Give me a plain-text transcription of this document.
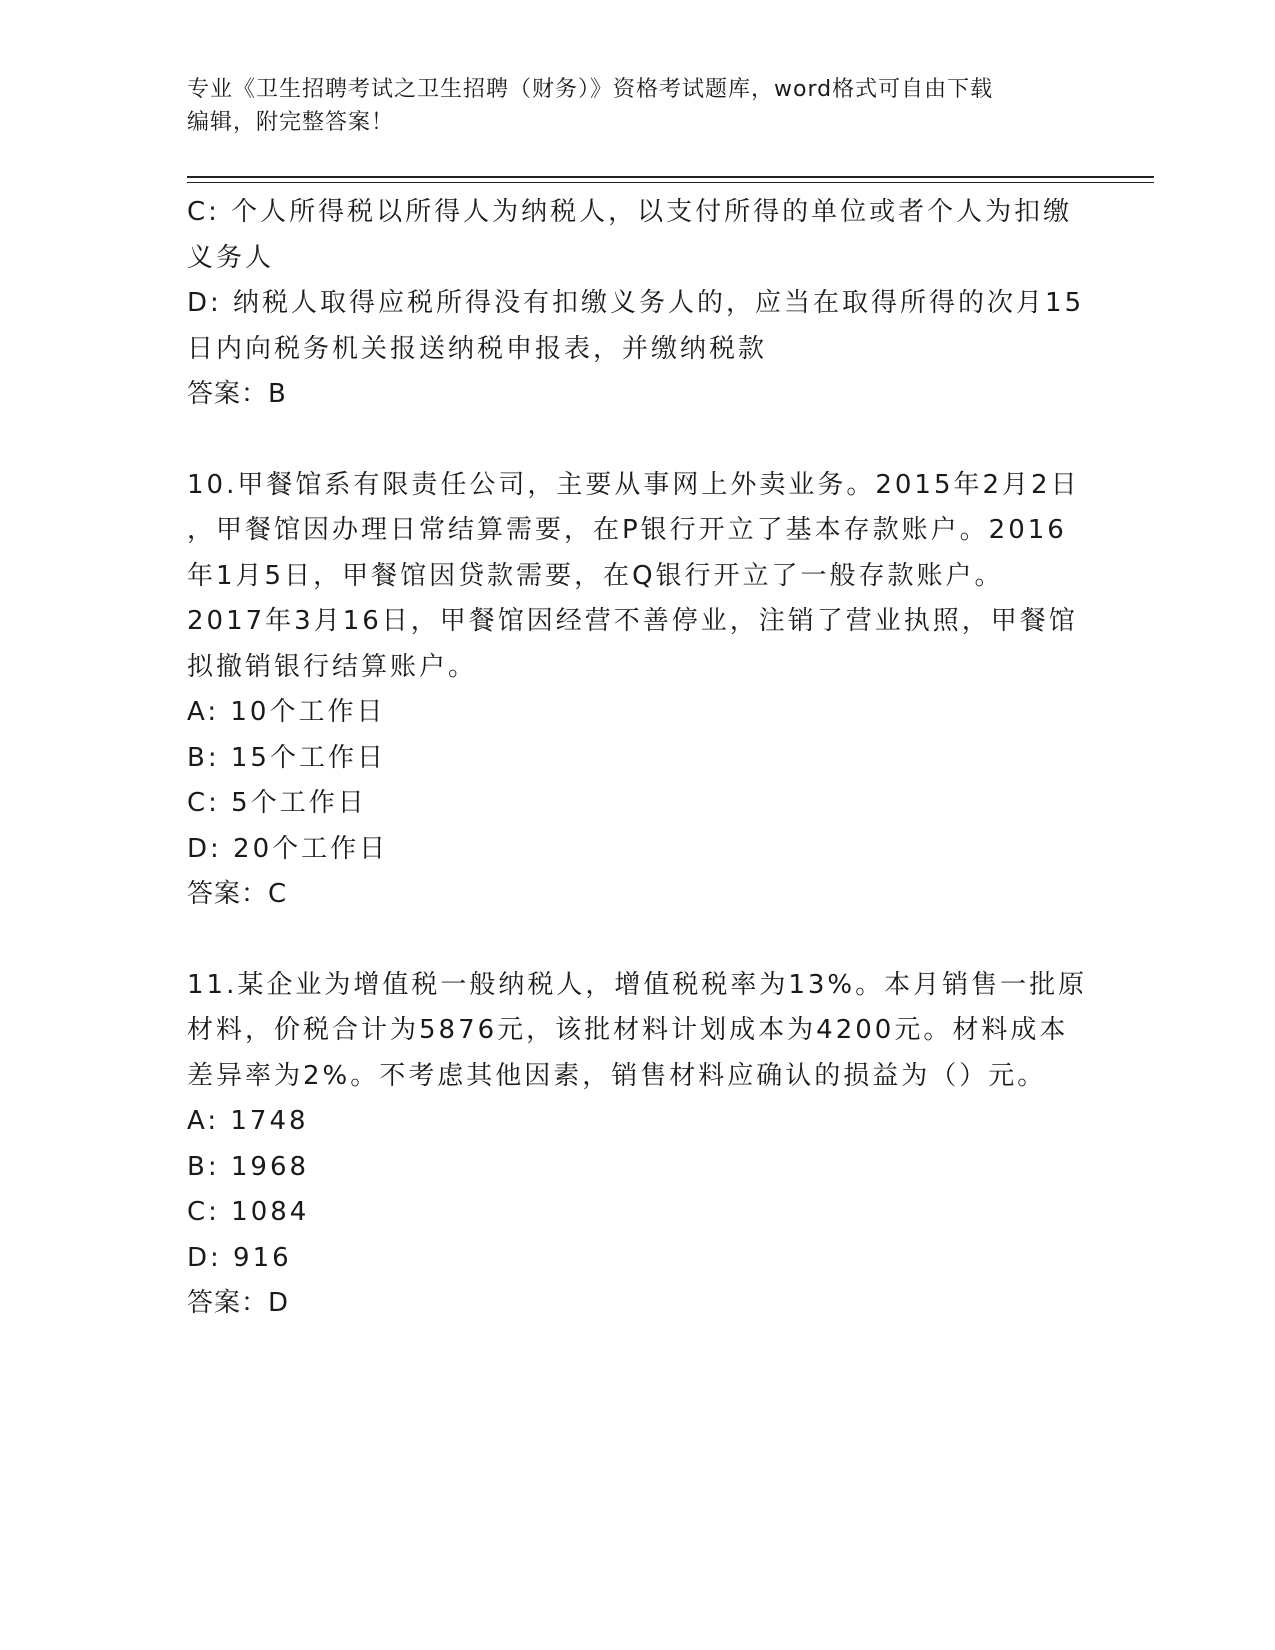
专业《卫生招聘考试之卫生招聘（财务）》资格考试题库，word格式可自由下载
编辑，附完整答案！
C: 个人所得税以所得人为纳税人，以支付所得的单位或者个人为扣缴
义务人
D: 纳税人取得应税所得没有扣缴义务人的，应当在取得所得的次月15
日内向税务机关报送纳税申报表，并缴纳税款
答案：B
10.甲餐馆系有限责任公司，主要从事网上外卖业务。2015年2月2日
，甲餐馆因办理日常结算需要，在P银行开立了基本存款账户。2016
年1月5日，甲餐馆因贷款需要，在Q银行开立了一般存款账户。
2017年3月16日，甲餐馆因经营不善停业，注销了营业执照，甲餐馆
拟撤销银行结算账户。
A: 10个工作日
B: 15个工作日
C: 5个工作日
D: 20个工作日
答案：C
11.某企业为增值税一般纳税人，增值税税率为13%。本月销售一批原
材料，价税合计为5876元，该批材料计划成本为4200元。材料成本
差异率为2%。不考虑其他因素，销售材料应确认的损益为（）元。
A: 1748
B: 1968
C: 1084
D: 916
答案：D
